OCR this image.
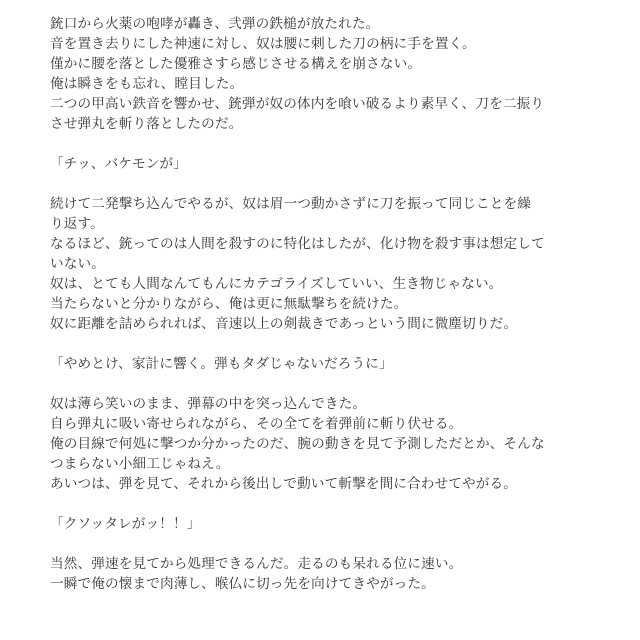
銃口から火薬の咆哮が轟き、弐弾の鉄槌が放たれた。
音を置き去りにした神速に対し、奴は腰に刺した刀の柄に手を置く。
僅かに腰を落とした優雅さすら感じさせる構えを崩さない。
俺は瞬きをも忘れ、瞠目した。
二つの甲高い鉄音を響かせ、銃弾が奴の体内を喰い破るより素早く、刀を二振り
させ弾丸を斬り落としたのだ。
「チッ、バケモンが」
続けて二発撃ち込んでやるが、奴は眉一つ動かさずに刀を振って同じことを繰
り返す。
なるほど、銃ってのは人間を殺すのに特化はしたが、化け物を殺す事は想定して
いない。
奴は、とても人間なんてもんにカテゴライズしていい、生き物じゃない。
当たらないと分かりながら、俺は更に無駄撃ちを続けた。
奴に距離を詰められれば、音速以上の剣裁きであっという間に微塵切りだ。
「やめとけ、家計に響く。弾もタダじゃないだろうに」
奴は薄ら笑いのまま、弾幕の中を突っ込んできた。
自ら弾丸に吸い寄せられながら、その全てを着弾前に斬り伏せる。
俺の目線で何処に撃つか分かったのだ、腕の動きを見て予測しただとか、そんな
つまらない小細工じゃねえ。
あいつは、弾を見て、それから後出しで動いて斬撃を間に合わせてやがる。
「クソッタレがッ！！」
当然、弾速を見てから処理できるんだ。走るのも呆れる位に速い。
一瞬で俺の懐まで肉薄し、喉仏に切っ先を向けてきやがった。
